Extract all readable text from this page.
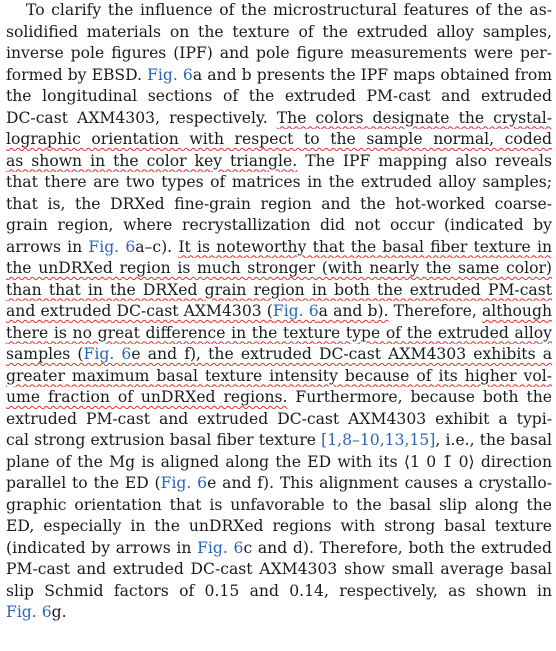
To clarify the influence of the microstructural features of the as-
solidified materials on the texture of the extruded alloy samples,
inverse pole figures (IPF) and pole figure measurements were per-
formed by EBSD. Fig. 6a and b presents the IPF maps obtained from
the longitudinal sections of the extruded PM-cast and extruded
DC-cast AXM4303, respectively. The colors designate the crystal-
lographic orientation with respect to the sample normal, coded
as shown in the color key triangle. The IPF mapping also reveals
that there are two types of matrices in the extruded alloy samples;
that is, the DRXed fine-grain region and the hot-worked coarse-
grain region, where recrystallization did not occur (indicated by
arrows in Fig. 6a–c). It is noteworthy that the basal fiber texture in
the unDRXed region is much stronger (with nearly the same color)
than that in the DRXed grain region in both the extruded PM-cast
and extruded DC-cast AXM4303 (Fig. 6a and b). Therefore, although
there is no great difference in the texture type of the extruded alloy
samples (Fig. 6e and f), the extruded DC-cast AXM4303 exhibits a
greater maximum basal texture intensity because of its higher vol-
ume fraction of unDRXed regions. Furthermore, because both the
extruded PM-cast and extruded DC-cast AXM4303 exhibit a typi-
cal strong extrusion basal fiber texture [1,8–10,13,15], i.e., the basal
plane of the Mg is aligned along the ED with its ⟨1 0 1̄ 0⟩ direction
parallel to the ED (Fig. 6e and f). This alignment causes a crystallo-
graphic orientation that is unfavorable to the basal slip along the
ED, especially in the unDRXed regions with strong basal texture
(indicated by arrows in Fig. 6c and d). Therefore, both the extruded
PM-cast and extruded DC-cast AXM4303 show small average basal
slip Schmid factors of 0.15 and 0.14, respectively, as shown in
Fig. 6g.
